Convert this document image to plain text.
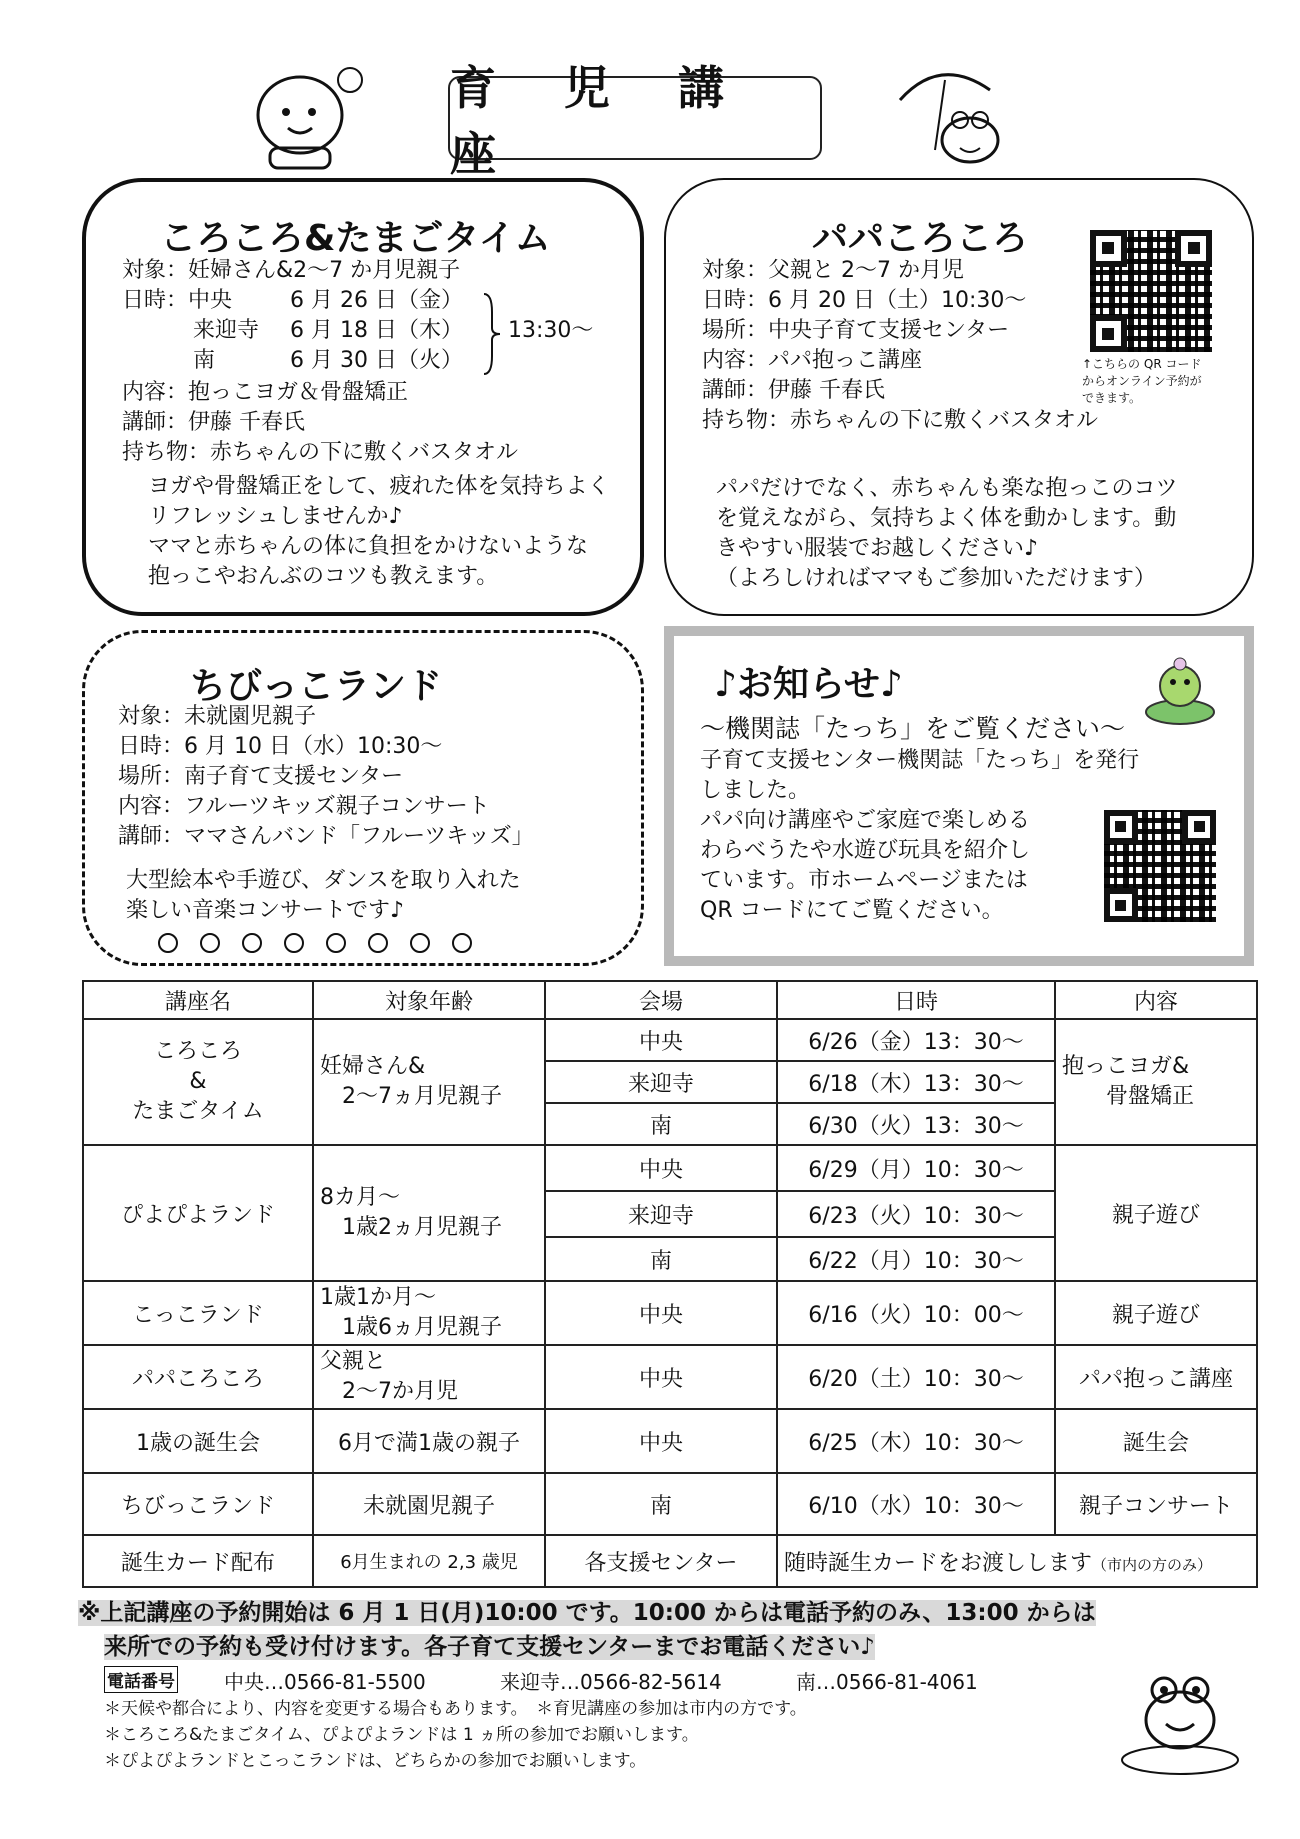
育 児 講 座
ころころ&たまごタイム
対象：妊婦さん&2～7 か月児親子
日時：中央	6 月 26 日（金）
来迎寺 6 月 18 日（木）
南	6 月 30 日（火）
13:30～
内容：抱っこヨガ＆骨盤矯正
講師：伊藤 千春氏
持ち物：赤ちゃんの下に敷くバスタオル
ヨガや骨盤矯正をして、疲れた体を気持ちよく
リフレッシュしませんか♪
ママと赤ちゃんの体に負担をかけないような
抱っこやおんぶのコツも教えます。
パパころころ
対象：父親と 2～7 か月児
日時：6 月 20 日（土）10:30～
場所：中央子育て支援センター
内容：パパ抱っこ講座
講師：伊藤 千春氏
持ち物：赤ちゃんの下に敷くバスタオル
↑こちらの QR コード
からオンライン予約が
できます。
パパだけでなく、赤ちゃんも楽な抱っこのコツ
を覚えながら、気持ちよく体を動かします。動
きやすい服装でお越しください♪
（よろしければママもご参加いただけます）
ちびっこランド
対象：未就園児親子
日時：6 月 10 日（水）10:30～
場所：南子育て支援センター
内容：フルーツキッズ親子コンサート
講師：ママさんバンド「フルーツキッズ」
大型絵本や手遊び、ダンスを取り入れた
楽しい音楽コンサートです♪
♪お知らせ♪
～機関誌「たっち」をご覧ください～
子育て支援センター機関誌「たっち」を発行
しました。
パパ向け講座やご家庭で楽しめる
わらべうたや水遊び玩具を紹介し
ています。市ホームページまたは
QR コードにてご覧ください。
講座名	対象年齢	会場	日時	内容
ころころ
&
たまごタイム	妊婦さん&
　2～7ヵ月児親子	中央	6/26（金）13：30～	抱っこヨガ&
　　骨盤矯正
		来迎寺	6/18（木）13：30～	
		南	6/30（火）13：30～	
ぴよぴよランド	8カ月～
　1歳2ヵ月児親子	中央	6/29（月）10：30～	親子遊び
		来迎寺	6/23（火）10：30～	
		南	6/22（月）10：30～	
こっこランド	1歳1か月～
　1歳6ヵ月児親子	中央	6/16（火）10：00～	親子遊び
パパころころ	父親と
　2～7か月児	中央	6/20（土）10：30～	パパ抱っこ講座
1歳の誕生会	6月で満1歳の親子	中央	6/25（木）10：30～	誕生会
ちびっこランド	未就園児親子	南	6/10（水）10：30～	親子コンサート
誕生カード配布	6月生まれの 2,3 歳児	各支援センター	随時誕生カードをお渡しします（市内の方のみ）	
※上記講座の予約開始は 6 月 1 日(月)10:00 です。10:00 からは電話予約のみ、13:00 からは
来所での予約も受け付けます。各子育て支援センターまでお電話ください♪
電話番号 中央…0566-81-5500	来迎寺…0566-82-5614	南…0566-81-4061
＊天候や都合により、内容を変更する場合もあります。　＊育児講座の参加は市内の方です。
＊ころころ&たまごタイム、ぴよぴよランドは 1 ヵ所の参加でお願いします。
＊ぴよぴよランドとこっこランドは、どちらかの参加でお願いします。
